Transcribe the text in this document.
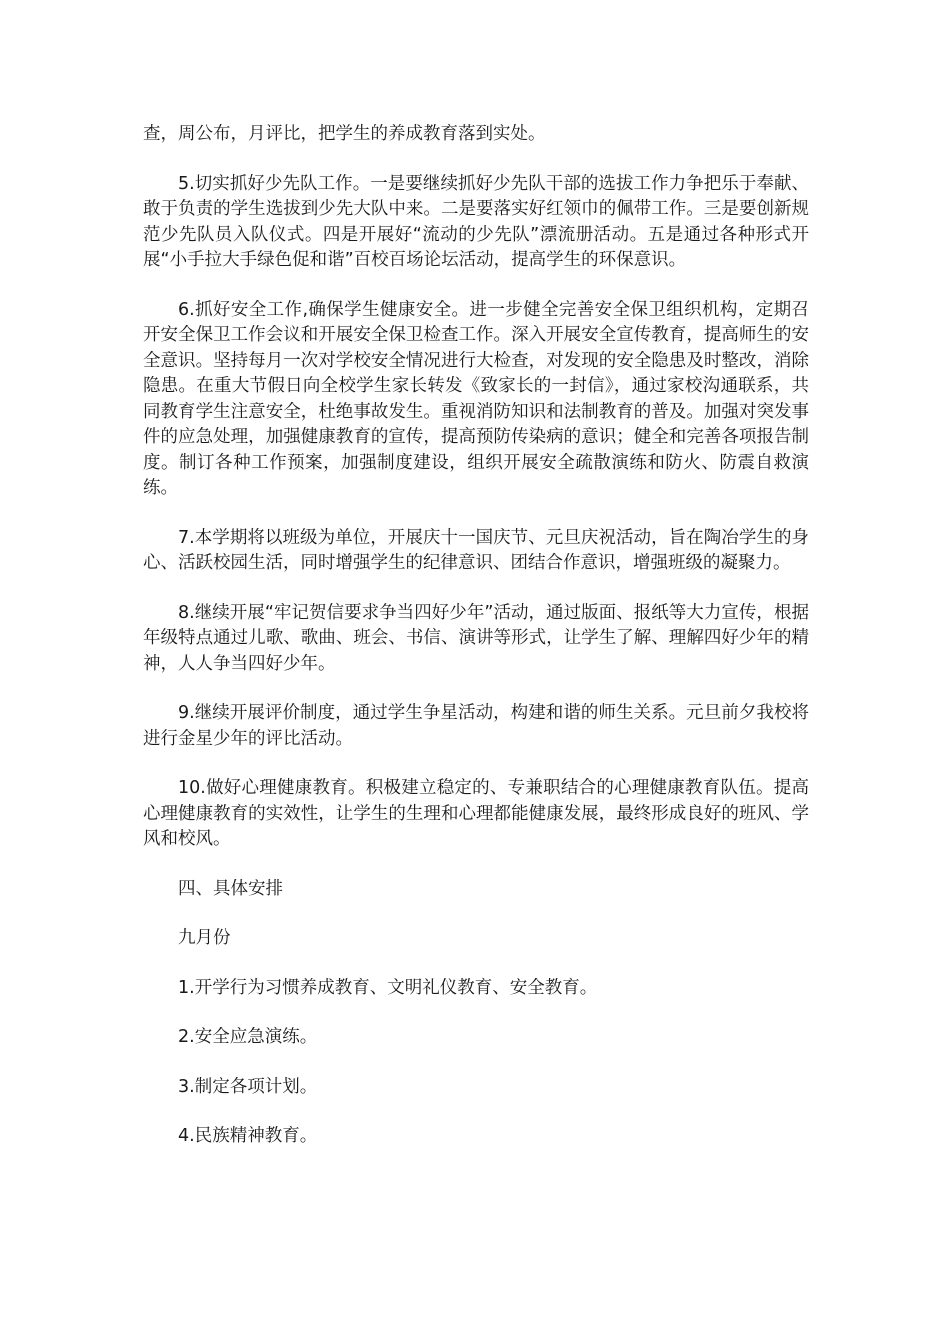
查，周公布，月评比，把学生的养成教育落到实处。

5.切实抓好少先队工作。一是要继续抓好少先队干部的选拔工作力争把乐于奉献、敢于负责的学生选拔到少先大队中来。二是要落实好红领巾的佩带工作。三是要创新规范少先队员入队仪式。四是开展好“流动的少先队”漂流册活动。五是通过各种形式开展“小手拉大手绿色促和谐”百校百场论坛活动，提高学生的环保意识。

6.抓好安全工作,确保学生健康安全。进一步健全完善安全保卫组织机构，定期召开安全保卫工作会议和开展安全保卫检查工作。深入开展安全宣传教育，提高师生的安全意识。坚持每月一次对学校安全情况进行大检查，对发现的安全隐患及时整改，消除隐患。在重大节假日向全校学生家长转发《致家长的一封信》，通过家校沟通联系，共同教育学生注意安全，杜绝事故发生。重视消防知识和法制教育的普及。加强对突发事件的应急处理，加强健康教育的宣传，提高预防传染病的意识；健全和完善各项报告制度。制订各种工作预案，加强制度建设，组织开展安全疏散演练和防火、防震自救演练。

7.本学期将以班级为单位，开展庆十一国庆节、元旦庆祝活动，旨在陶冶学生的身心、活跃校园生活，同时增强学生的纪律意识、团结合作意识，增强班级的凝聚力。

8.继续开展“牢记贺信要求争当四好少年”活动，通过版面、报纸等大力宣传，根据年级特点通过儿歌、歌曲、班会、书信、演讲等形式，让学生了解、理解四好少年的精神，人人争当四好少年。

9.继续开展评价制度，通过学生争星活动，构建和谐的师生关系。元旦前夕我校将进行金星少年的评比活动。

10.做好心理健康教育。积极建立稳定的、专兼职结合的心理健康教育队伍。提高心理健康教育的实效性，让学生的生理和心理都能健康发展，最终形成良好的班风、学风和校风。

四、具体安排

九月份

1.开学行为习惯养成教育、文明礼仪教育、安全教育。

2.安全应急演练。

3.制定各项计划。

4.民族精神教育。
